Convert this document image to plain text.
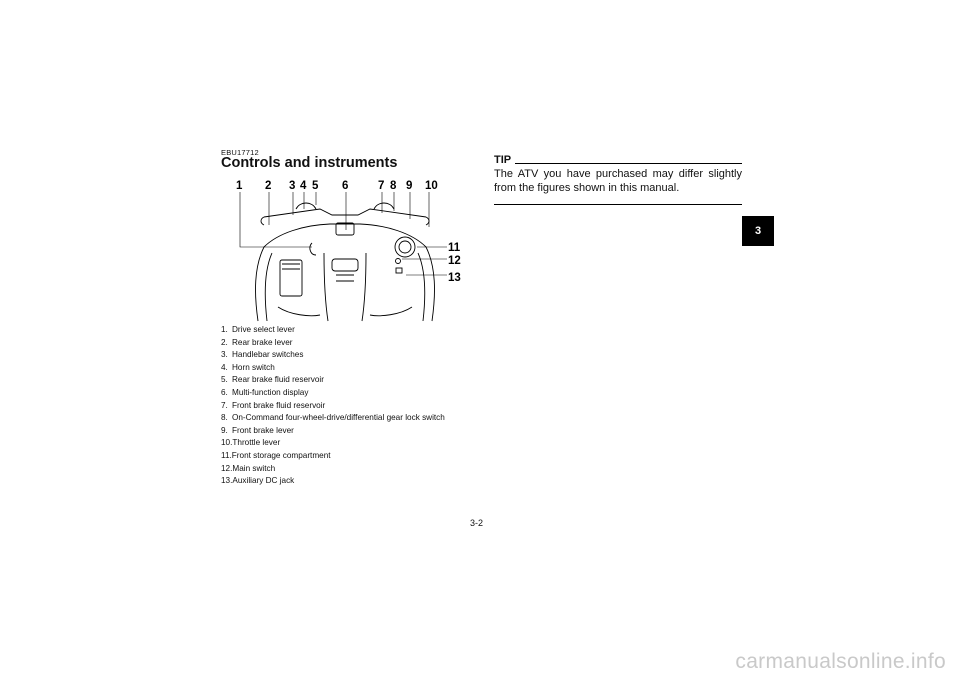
EBU17712
Controls and instruments
1 2 3 4 5 6	7 8 9 10
11
12
13
1. Drive select lever
2. Rear brake lever
3. Handlebar switches
4. Horn switch
5. Rear brake fluid reservoir
6. Multi-function display
7. Front brake fluid reservoir
8. On-Command four-wheel-drive/differential gear lock switch
9. Front brake lever
10.Throttle lever
11.Front storage compartment
12.Main switch
13.Auxiliary DC jack
TIP
The ATV you have purchased may differ slightly from the figures shown in this manual.
3
3-2
carmanualsonline.info
